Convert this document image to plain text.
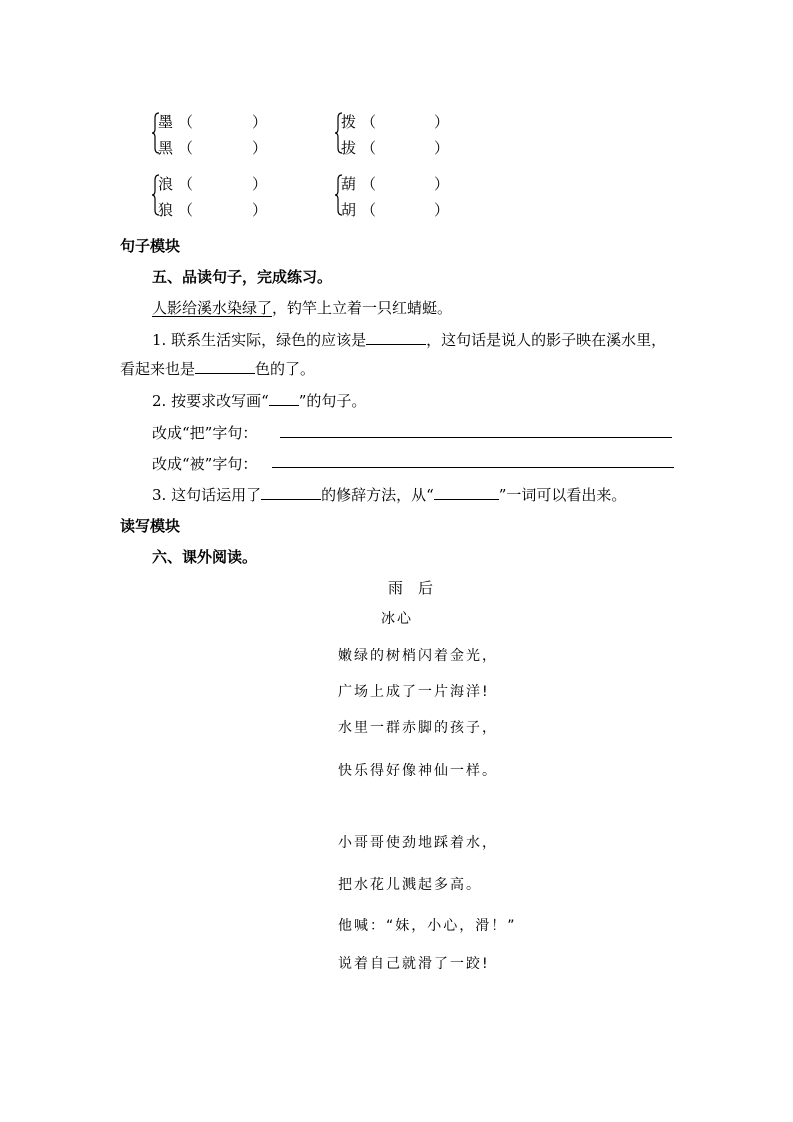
墨 （	）
黑 （	）
拨 （	）
拔 （	）
浪 （	）
狼 （	）
葫 （	）
胡 （	）
句子模块
五、品读句子，完成练习。
人影给溪水染绿了，钓竿上立着一只红蜻蜓。
1. 联系生活实际，绿色的应该是	，这句话是说人的影子映在溪水里，
看起来也是	色的了。
2. 按要求改写画“ ”的句子。
改成“把”字句：
改成“被”字句：
3. 这句话运用了	的修辞方法，从“	”一词可以看出来。
读写模块
六、课外阅读。
雨　后
冰心
嫩绿的树梢闪着金光，
广场上成了一片海洋!
水里一群赤脚的孩子，
快乐得好像神仙一样。
小哥哥使劲地踩着水，
把水花儿溅起多高。
他喊：“妹，小心，滑！”
说着自己就滑了一跤!
